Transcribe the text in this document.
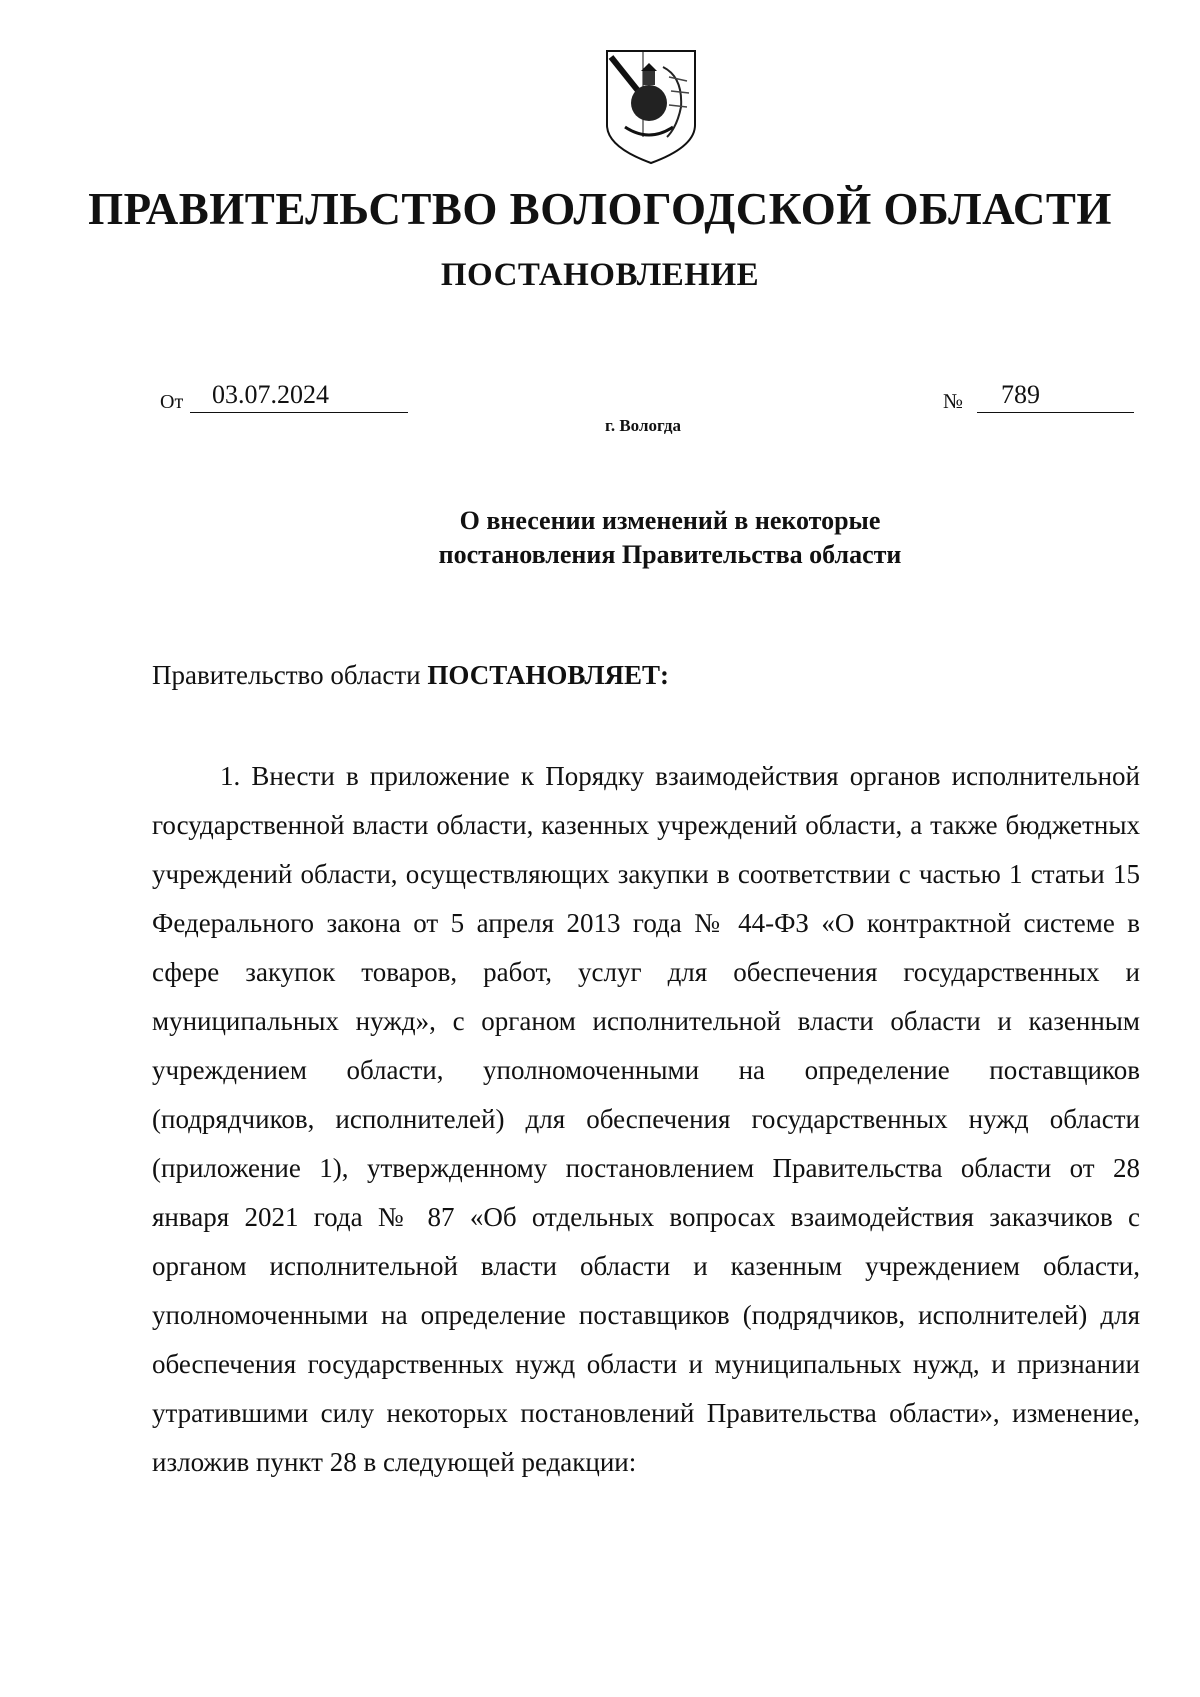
ПРАВИТЕЛЬСТВО ВОЛОГОДСКОЙ ОБЛАСТИ
ПОСТАНОВЛЕНИЕ
От	03.07.2024	№	789
г. Вологда
О внесении изменений в некоторые
постановления Правительства области
Правительство области ПОСТАНОВЛЯЕТ:

1. Внести в приложение к Порядку взаимодействия органов исполнительной государственной власти области, казенных учреждений области, а также бюджетных учреждений области, осуществляющих закупки в соответствии с частью 1 статьи 15 Федерального закона от 5 апреля 2013 года № 44-ФЗ «О контрактной системе в сфере закупок товаров, работ, услуг для обеспечения государственных и муниципальных нужд», с органом исполнительной власти области и казенным учреждением области, уполномоченными на определение поставщиков (подрядчиков, исполнителей) для обеспечения государственных нужд области (приложение 1), утвержденному постановлением Правительства области от 28 января 2021 года № 87 «Об отдельных вопросах взаимодействия заказчиков с органом исполнительной власти области и казенным учреждением области, уполномоченными на определение поставщиков (подрядчиков, исполнителей) для обеспечения государственных нужд области и муниципальных нужд, и признании утратившими силу некоторых постановлений Правительства области», изменение, изложив пункт 28 в следующей редакции:
